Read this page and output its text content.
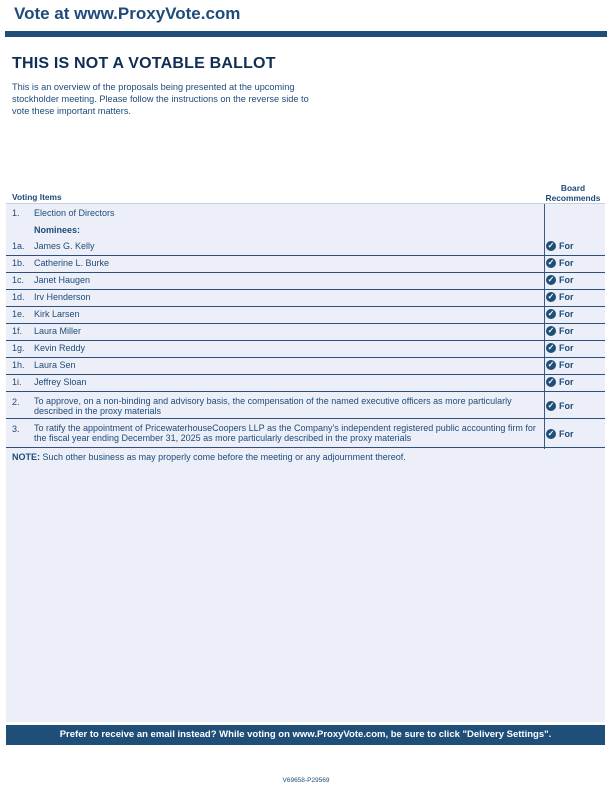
Vote at www.ProxyVote.com
THIS IS NOT A VOTABLE BALLOT
This is an overview of the proposals being presented at the upcoming stockholder meeting. Please follow the instructions on the reverse side to vote these important matters.
Voting Items
Board Recommends
1. Election of Directors
Nominees:
1a. James G. Kelly	✓ For
1b. Catherine L. Burke	✓ For
1c. Janet Haugen	✓ For
1d. Irv Henderson	✓ For
1e. Kirk Larsen	✓ For
1f. Laura Miller	✓ For
1g. Kevin Reddy	✓ For
1h. Laura Sen	✓ For
1i. Jeffrey Sloan	✓ For
2. To approve, on a non-binding and advisory basis, the compensation of the named executive officers as more particularly described in the proxy materials	✓ For
3. To ratify the appointment of PricewaterhouseCoopers LLP as the Company's independent registered public accounting firm for the fiscal year ending December 31, 2025 as more particularly described in the proxy materials	✓ For
NOTE: Such other business as may properly come before the meeting or any adjournment thereof.
Prefer to receive an email instead? While voting on www.ProxyVote.com, be sure to click "Delivery Settings".
V69658-P29569
